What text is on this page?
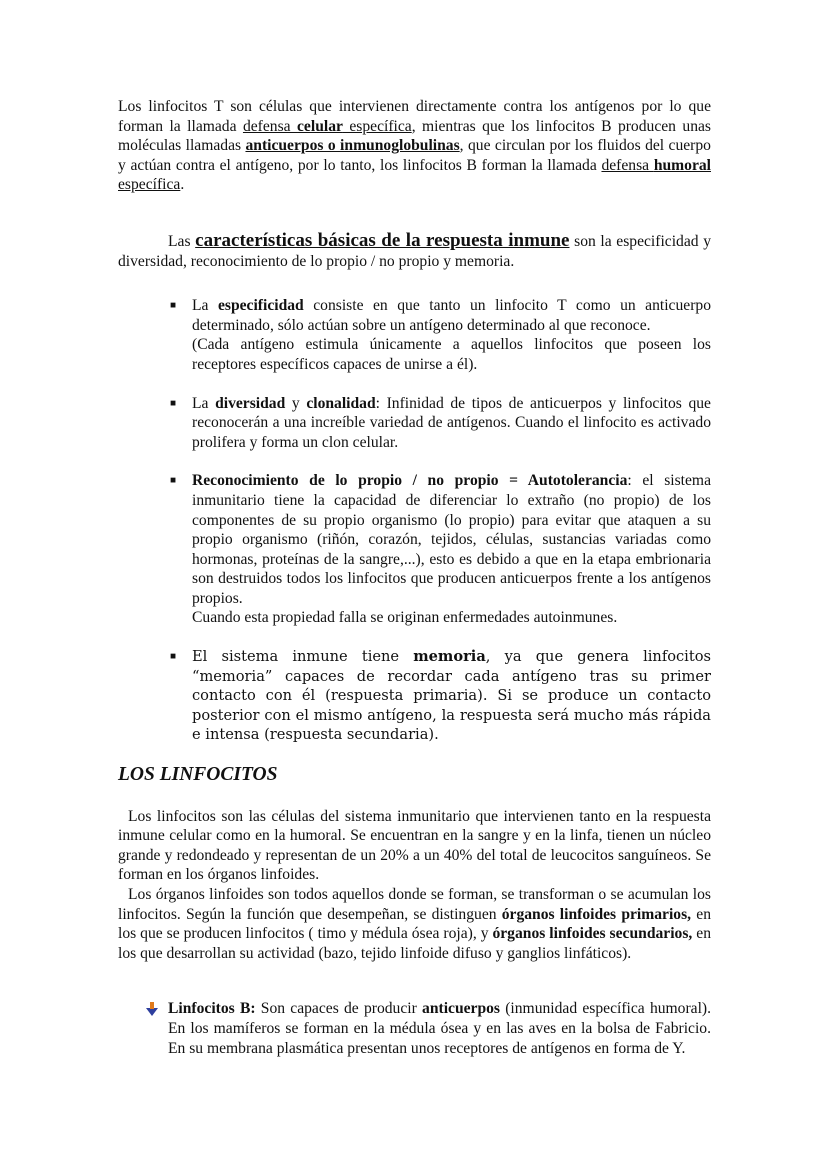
Los linfocitos T son células que intervienen directamente contra los antígenos por lo que forman la llamada defensa celular específica, mientras que los linfocitos B producen unas moléculas llamadas anticuerpos o inmunoglobulinas, que circulan por los fluidos del cuerpo y actúan contra el antígeno, por lo tanto, los linfocitos B forman la llamada defensa humoral específica.

Las características básicas de la respuesta inmune son la especificidad y diversidad, reconocimiento de lo propio / no propio y memoria.

■ La especificidad consiste en que tanto un linfocito T como un anticuerpo determinado, sólo actúan sobre un antígeno determinado al que reconoce.

(Cada antígeno estimula únicamente a aquellos linfocitos que poseen los receptores específicos capaces de unirse a él).

■ La diversidad y clonalidad: Infinidad de tipos de anticuerpos y linfocitos que reconocerán a una increíble variedad de antígenos. Cuando el linfocito es activado prolifera y forma un clon celular.

■ Reconocimiento de lo propio / no propio = Autotolerancia: el sistema inmunitario tiene la capacidad de diferenciar lo extraño (no propio) de los componentes de su propio organismo (lo propio) para evitar que ataquen a su propio organismo (riñón, corazón, tejidos, células, sustancias variadas como hormonas, proteínas de la sangre,...), esto es debido a que en la etapa embrionaria son destruidos todos los linfocitos que producen anticuerpos frente a los antígenos propios.

Cuando esta propiedad falla se originan enfermedades autoinmunes.

■ El sistema inmune tiene memoria, ya que genera linfocitos “memoria” capaces de recordar cada antígeno tras su primer contacto con él (respuesta primaria). Si se produce un contacto posterior con el mismo antígeno, la respuesta será mucho más rápida e intensa (respuesta secundaria).

LOS LINFOCITOS

Los linfocitos son las células del sistema inmunitario que intervienen tanto en la respuesta inmune celular como en la humoral. Se encuentran en la sangre y en la linfa, tienen un núcleo grande y redondeado y representan de un 20% a un 40% del total de leucocitos sanguíneos. Se forman en los órganos linfoides.

Los órganos linfoides son todos aquellos donde se forman, se transforman o se acumulan los linfocitos. Según la función que desempeñan, se distinguen órganos linfoides primarios, en los que se producen linfocitos ( timo y médula ósea roja), y órganos linfoides secundarios, en los que desarrollan su actividad (bazo, tejido linfoide difuso y ganglios linfáticos).

Linfocitos B: Son capaces de producir anticuerpos (inmunidad específica humoral). En los mamíferos se forman en la médula ósea y en las aves en la bolsa de Fabricio. En su membrana plasmática presentan unos receptores de antígenos en forma de Y.
